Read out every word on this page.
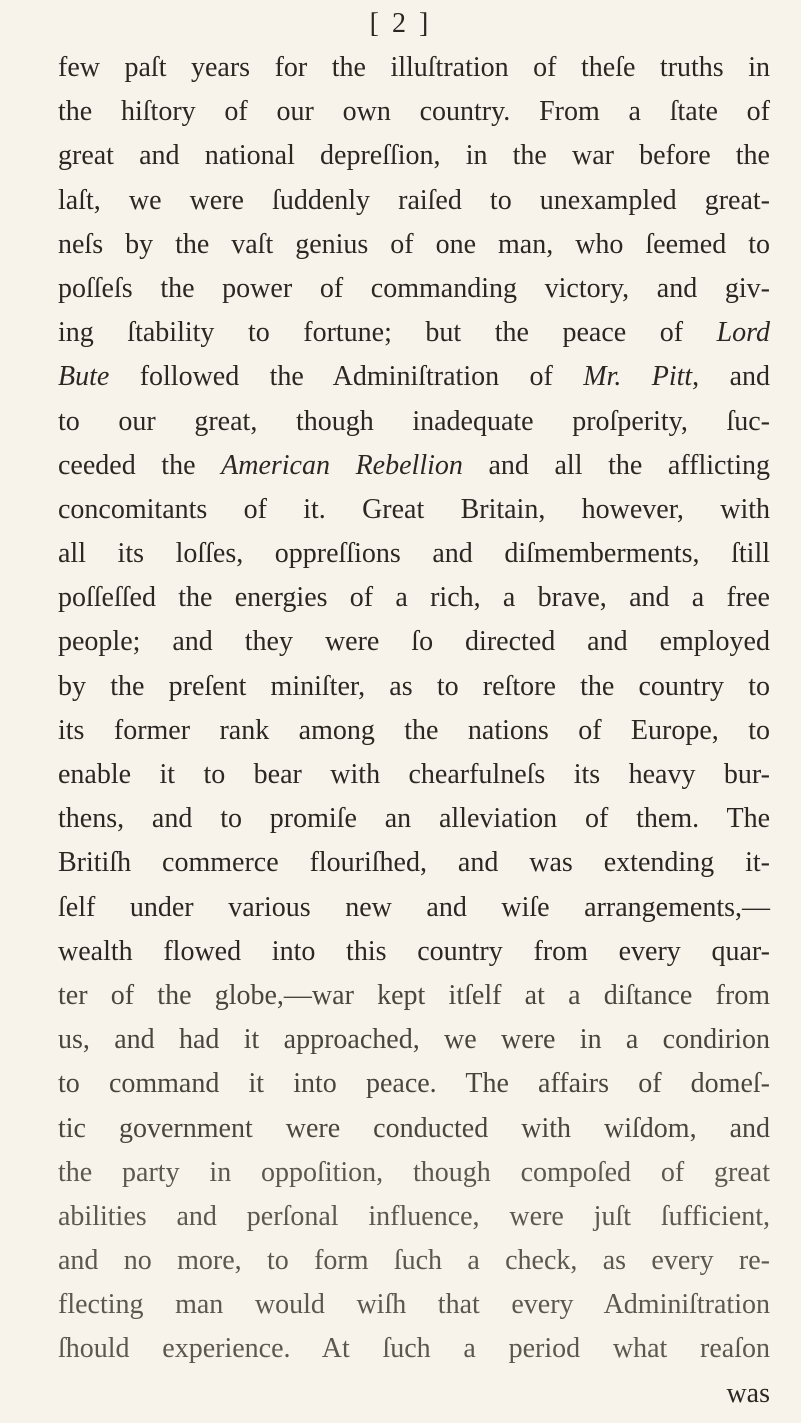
[ 2 ]
few paſt years for the illuſtration of theſe truths in
the hiſtory of our own country. From a ſtate of
great and national depreſſion, in the war before the
laſt, we were ſuddenly raiſed to unexampled great-
neſs by the vaſt genius of one man, who ſeemed to
poſſeſs the power of commanding victory, and giv-
ing ſtability to fortune; but the peace of Lord
Bute followed the Adminiſtration of Mr. Pitt, and
to our great, though inadequate proſperity, ſuc-
ceeded the American Rebellion and all the afflicting
concomitants of it. Great Britain, however, with
all its loſſes, oppreſſions and diſmemberments, ſtill
poſſeſſed the energies of a rich, a brave, and a free
people; and they were ſo directed and employed
by the preſent miniſter, as to reſtore the country to
its former rank among the nations of Europe, to
enable it to bear with chearfulneſs its heavy bur-
thens, and to promiſe an alleviation of them. The
Britiſh commerce flouriſhed, and was extending it-
ſelf under various new and wiſe arrangements,—
wealth flowed into this country from every quar-
ter of the globe,—war kept itſelf at a diſtance from
us, and had it approached, we were in a condirion
to command it into peace. The affairs of domeſ-
tic government were conducted with wiſdom, and
the party in oppoſition, though compoſed of great
abilities and perſonal influence, were juſt ſufficient,
and no more, to form ſuch a check, as every re-
flecting man would wiſh that every Adminiſtration
ſhould experience. At ſuch a period what reaſon
was
